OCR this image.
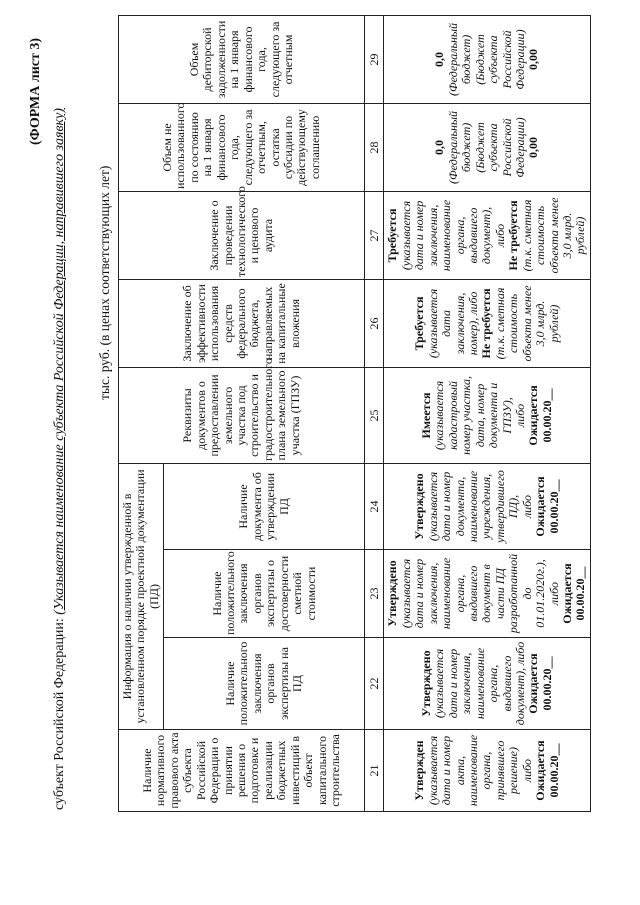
(ФОРМА лист 3)
субъект Российской Федерации: (Указывается наименование субъекта Российской Федерации, направившего заявку) тыс. руб. (в ценах соответствующих лет)
Наличие нормативного правового акта субъекта Российской Федерации о принятии решения о подготовке и реализации бюджетных инвестиций в объект капитального строительства	Информация о наличии утвержденной в установленном порядке проектной документации (ПД)			Реквизиты документов о предоставлении земельного участка под строительство и градостроительного плана земельного участка (ГПЗУ)	Заключение об эффективности использования средств федерального бюджета, направляемых на капитальные вложения	Заключение о проведении технологического и ценового аудита	Объем не использованного по состоянию на 1 января финансового года, следующего за отчетным, остатка субсидии по действующему соглашению	Объем дебиторской задолженности на 1 января финансового года, следующего за отчетным
	Наличие положительного заключения органов экспертизы на ПД	Наличие положительного заключения органов экспертизы о достоверности сметной стоимости	Наличие документа об утверждении ПД					
21	22	23	24	25	26	27	28	29

Утвержден (указывается дата и номер акта, наименование органа, принявшего решение) либо Ожидается 00.00.20__	Утверждено (указывается дата и номер заключения, наименование органа, выдавшего документ), либо Ожидается 00.00.20__	Утверждено (указывается дата и номер заключения, наименование органа, выдавшего документ в части ПД разработанной до 01.01.2020г.), либо Ожидается 00.00.20__	Утверждено (указывается дата и номер документа, наименование учреждения, утвердившего ПД), либо Ожидается 00.00.20__	Имеется (указывается кадастровый номер участка, дата, номер документа и ГПЗУ), либо Ожидается 00.00.20__	Требуется (указывается дата заключения, номер), либо Не требуется (т.к. сметная стоимость объекта менее 3,0 млрд. рублей)	Требуется (указывается дата и номер заключения, наименование органа, выдавшего документ), либо Не требуется (т.к. сметная стоимость объекта менее 3,0 млрд. рублей)	0,0 (Федеральный бюджет) (Бюджет субъекта Российской Федерации) 0,00	0,0 (Федеральный бюджет) (Бюджет субъекта Российской Федерации) 0,00
